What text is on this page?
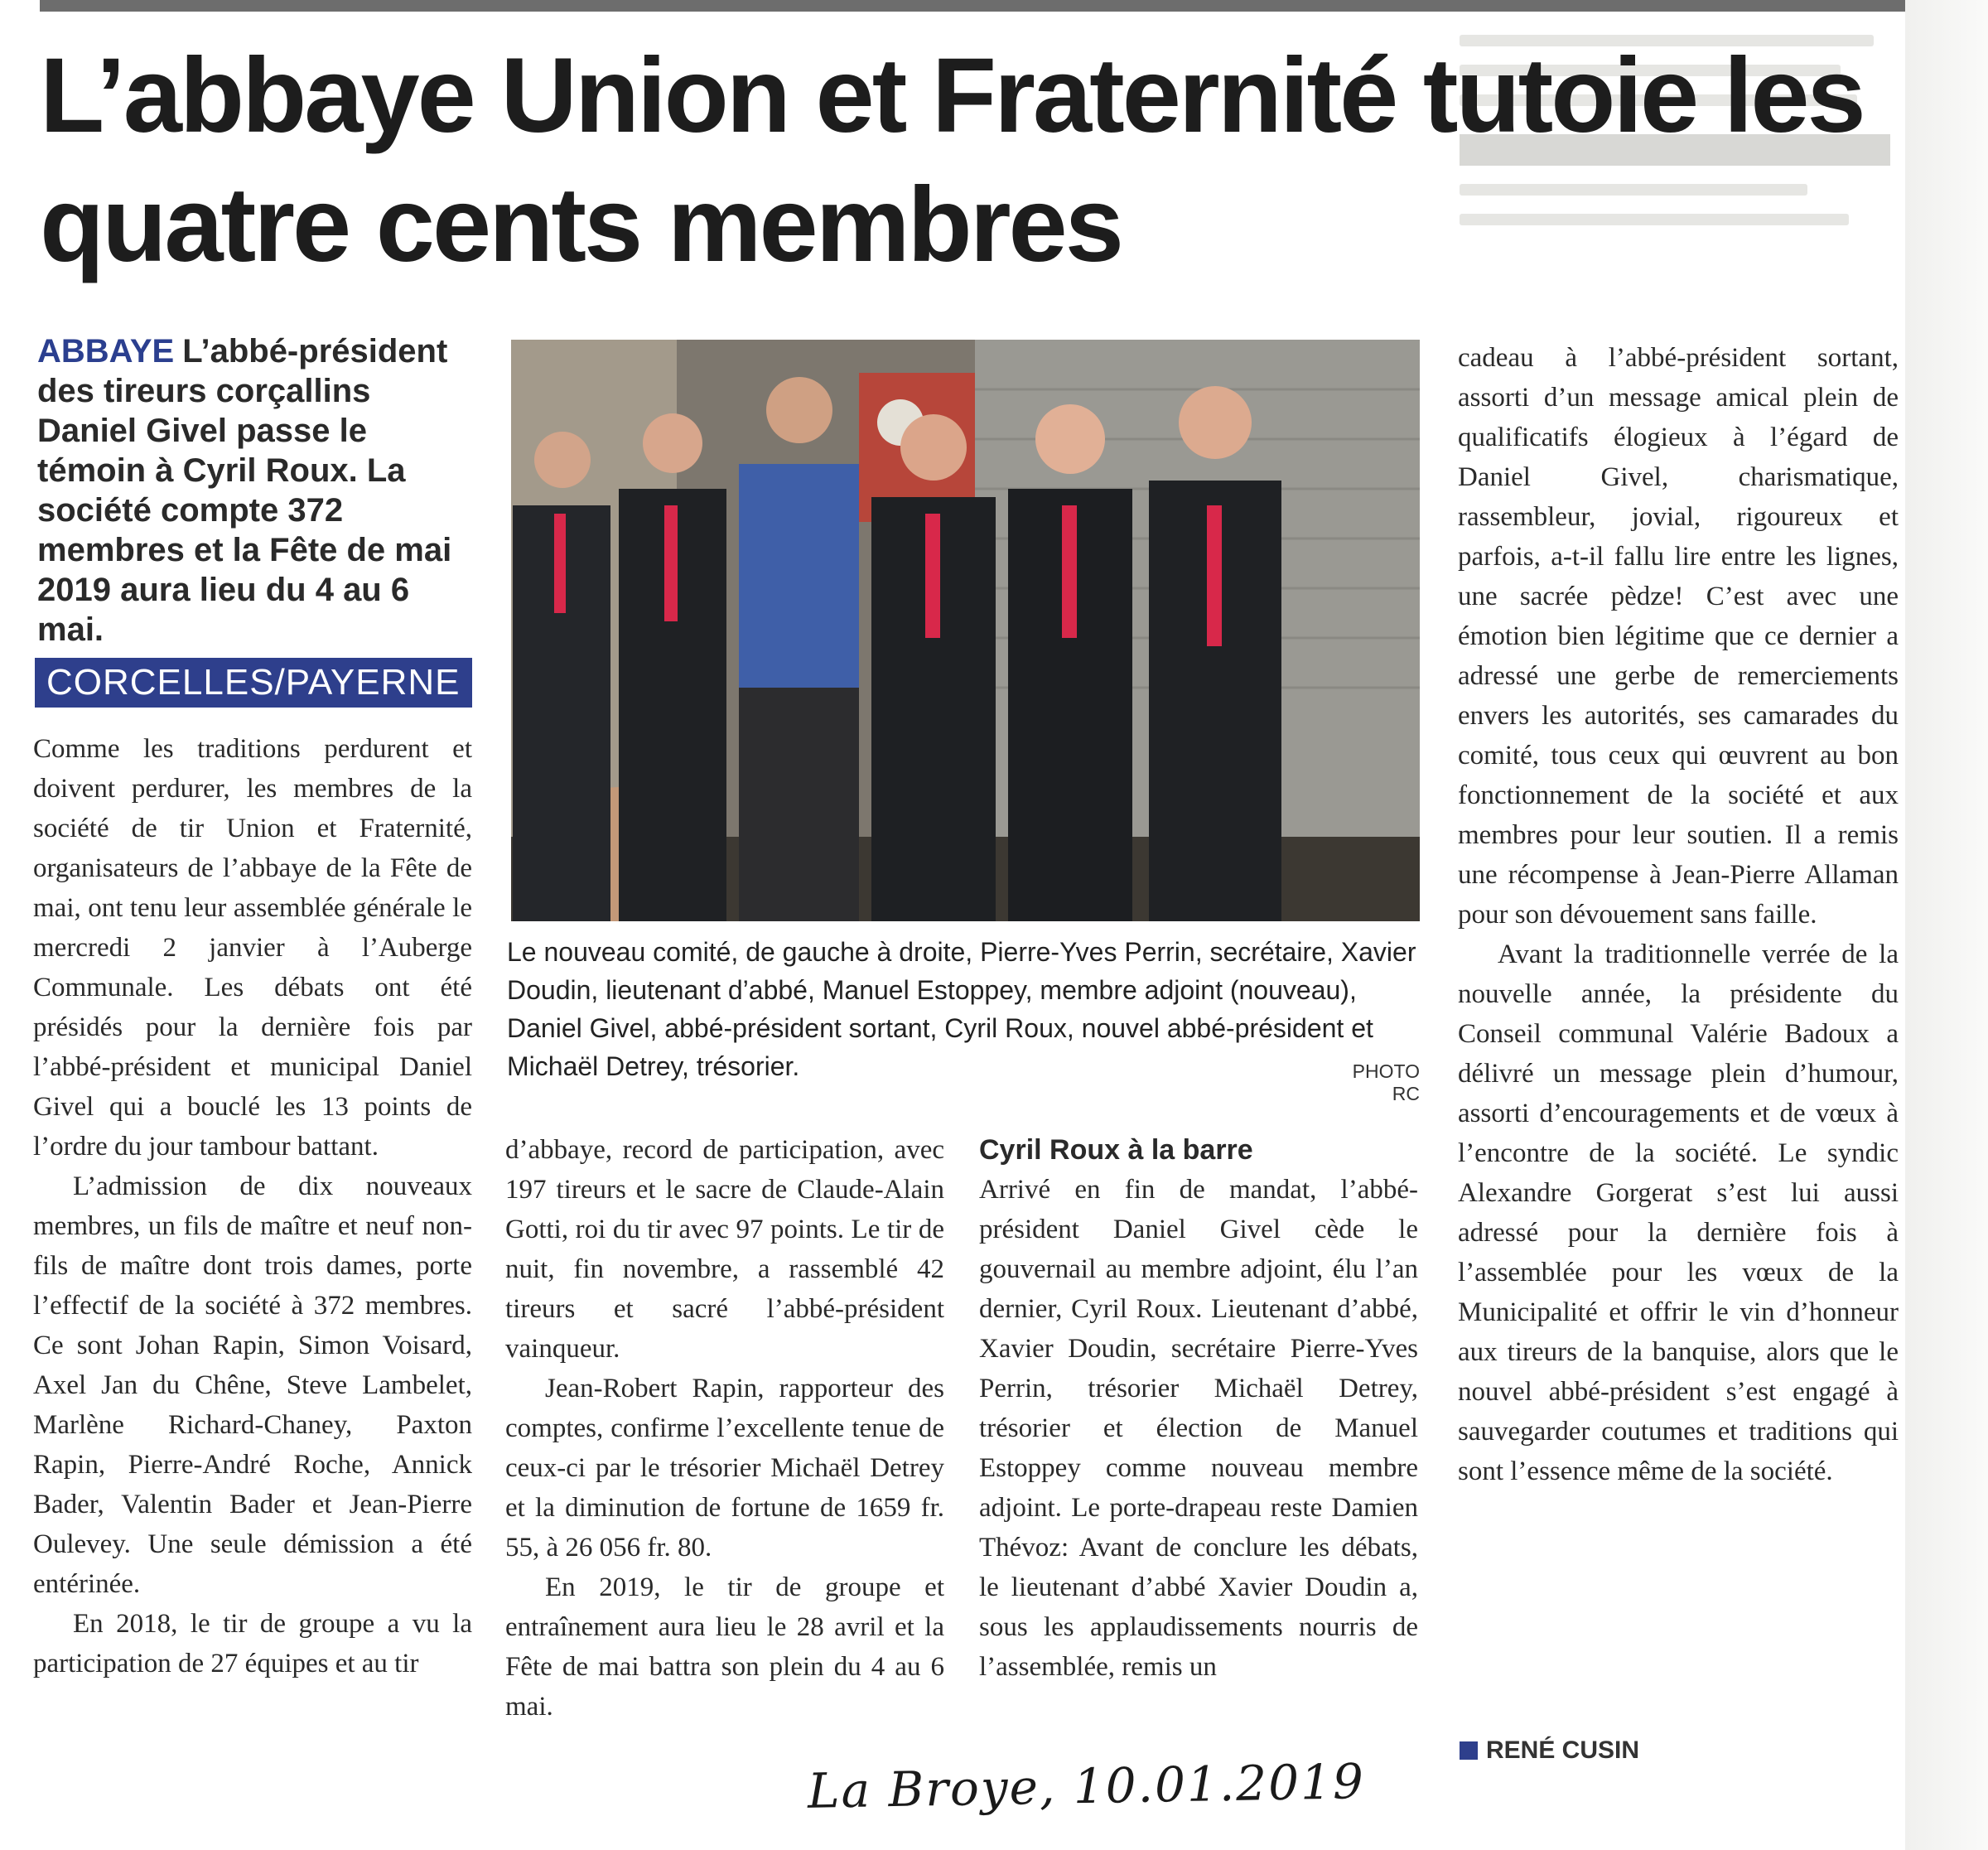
L’abbaye Union et Fraternité tutoie les quatre cents membres

ABBAYE L’abbé-président des tireurs corçallins Daniel Givel passe le témoin à Cyril Roux. La société compte 372 membres et la Fête de mai 2019 aura lieu du 4 au 6 mai.

CORCELLES/PAYERNE

Comme les traditions perdurent et doivent perdurer, les membres de la société de tir Union et Fraternité, organisateurs de l’abbaye de la Fête de mai, ont tenu leur assemblée générale le mercredi 2 janvier à l’Auberge Communale. Les débats ont été présidés pour la dernière fois par l’abbé-président et municipal Daniel Givel qui a bouclé les 13 points de l’ordre du jour tambour battant.

L’admission de dix nouveaux membres, un fils de maître et neuf non-fils de maître dont trois dames, porte l’effectif de la société à 372 membres. Ce sont Johan Rapin, Simon Voisard, Axel Jan du Chêne, Steve Lambelet, Marlène Richard-Chaney, Paxton Rapin, Pierre-André Roche, Annick Bader, Valentin Bader et Jean-Pierre Oulevey. Une seule démission a été entérinée.

En 2018, le tir de groupe a vu la participation de 27 équipes et au tir

Le nouveau comité, de gauche à droite, Pierre-Yves Perrin, secrétaire, Xavier Doudin, lieutenant d’abbé, Manuel Estoppey, membre adjoint (nouveau), Daniel Givel, abbé-président sortant, Cyril Roux, nouvel abbé-président et Michaël Detrey, trésorier.	PHOTO RC

d’abbaye, record de participation, avec 197 tireurs et le sacre de Claude-Alain Gotti, roi du tir avec 97 points. Le tir de nuit, fin novembre, a rassemblé 42 tireurs et sacré l’abbé-président vainqueur.

Jean-Robert Rapin, rapporteur des comptes, confirme l’excellente tenue de ceux-ci par le trésorier Michaël Detrey et la diminution de fortune de 1659 fr. 55, à 26 056 fr. 80.

En 2019, le tir de groupe et entraînement aura lieu le 28 avril et la Fête de mai battra son plein du 4 au 6 mai.

Cyril Roux à la barre

Arrivé en fin de mandat, l’abbé-président Daniel Givel cède le gouvernail au membre adjoint, élu l’an dernier, Cyril Roux. Lieutenant d’abbé, Xavier Doudin, secrétaire Pierre-Yves Perrin, trésorier Michaël Detrey, trésorier et élection de Manuel Estoppey comme nouveau membre adjoint. Le porte-drapeau reste Damien Thévoz: Avant de conclure les débats, le lieutenant d’abbé Xavier Doudin a, sous les applaudissements nourris de l’assemblée, remis un

cadeau à l’abbé-président sortant, assorti d’un message amical plein de qualificatifs élogieux à l’égard de Daniel Givel, charismatique, rassembleur, jovial, rigoureux et parfois, a-t-il fallu lire entre les lignes, une sacrée pèdze! C’est avec une émotion bien légitime que ce dernier a adressé une gerbe de remerciements envers les autorités, ses camarades du comité, tous ceux qui œuvrent au bon fonctionnement de la société et aux membres pour leur soutien. Il a remis une récompense à Jean-Pierre Allaman pour son dévouement sans faille.

Avant la traditionnelle verrée de la nouvelle année, la présidente du Conseil communal Valérie Badoux a délivré un message plein d’humour, assorti d’encouragements et de vœux à l’encontre de la société. Le syndic Alexandre Gorgerat s’est lui aussi adressé pour la dernière fois à l’assemblée pour les vœux de la Municipalité et offrir le vin d’honneur aux tireurs de la banquise, alors que le nouvel abbé-président s’est engagé à sauvegarder coutumes et traditions qui sont l’essence même de la société.

RENÉ CUSIN
La Broye, 10.01.2019
